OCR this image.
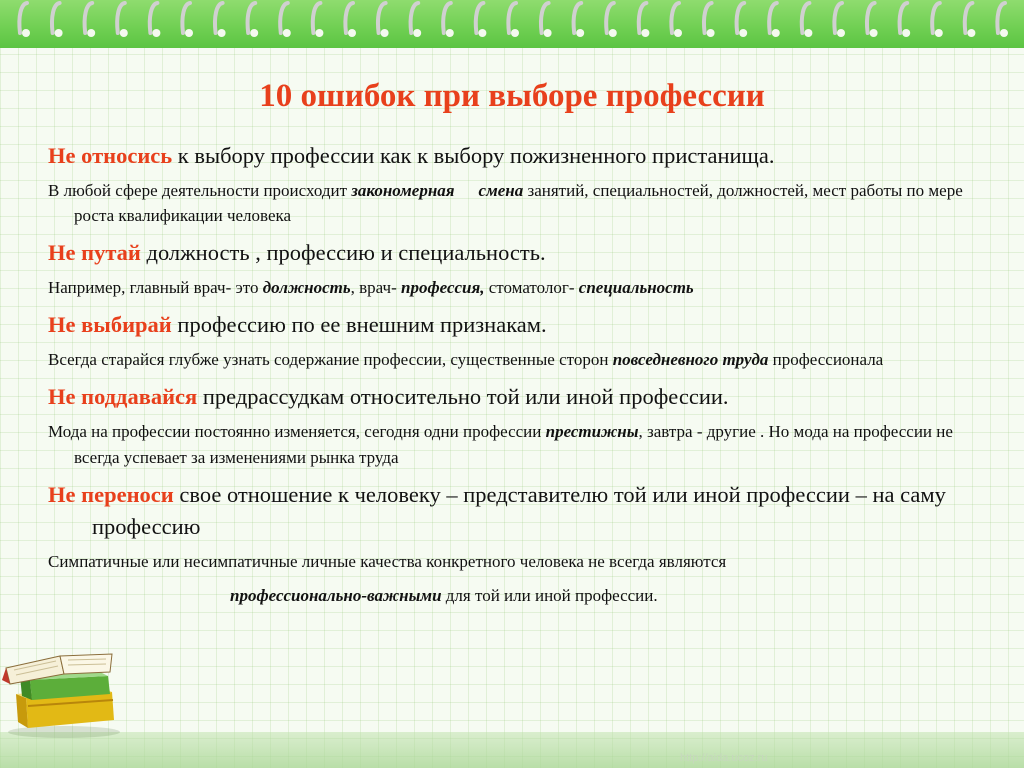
10 ошибок при выборе профессии

Не относись к выбору профессии как к выбору пожизненного пристанища.

В любой сфере деятельности происходит закономерная смена занятий, специальностей, должностей, мест работы по мере роста квалификации человека

Не путай должность , профессию и специальность.

Например, главный врач- это должность, врач- профессия, стоматолог- специальность

Не выбирай профессию по ее внешним признакам.

Всегда старайся глубже узнать содержание профессии, существенные сторон повседневного труда профессионала

Не поддавайся предрассудкам относительно той или иной профессии.

Мода на профессии постоянно изменяется, сегодня одни профессии престижны, завтра - другие . Но мода на профессии не всегда успевает за изменениями рынка труда

Не переноси свое отношение к человеку – представителю той или иной профессии – на саму профессию

Симпатичные или несимпатичные личные качества конкретного человека не всегда являются

профессионально-важными для той или иной профессии.

http://aida.ucoz.ru
